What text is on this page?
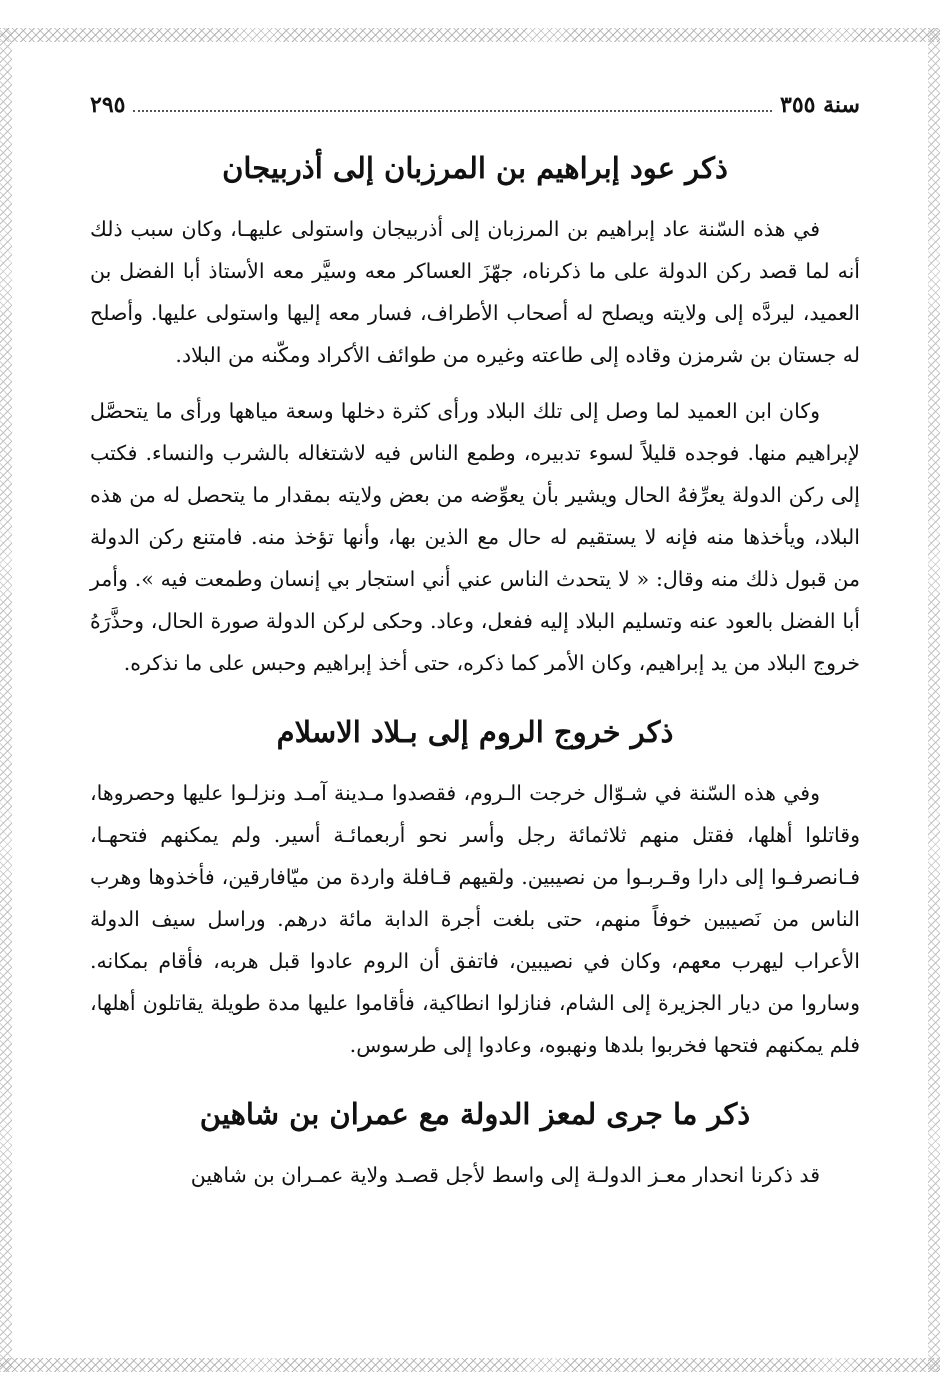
سنة ٣٥٥
٢٩٥
ذكر عود إبراهيم بن المرزبان إلى أذربيجان

في هذه السّنة عاد إبراهيم بن المرزبان إلى أذربيجان واستولى عليهـا، وكان سبب ذلك أنه لما قصد ركن الدولة على ما ذكرناه، جهّزَ العساكر معه وسيَّر معه الأستاذ أبا الفضل بن العميد، ليردَّه إلى ولايته ويصلح له أصحاب الأطراف، فسار معه إليها واستولى عليها. وأصلح له جستان بن شرمزن وقاده إلى طاعته وغيره من طوائف الأكراد ومكّنه من البلاد.

وكان ابن العميد لما وصل إلى تلك البلاد ورأى كثرة دخلها وسعة مياهها ورأى ما يتحصَّل لإبراهيم منها. فوجده قليلاً لسوء تدبيره، وطمع الناس فيه لاشتغاله بالشرب والنساء. فكتب إلى ركن الدولة يعرِّفهُ الحال ويشير بأن يعوِّضه من بعض ولايته بمقدار ما يتحصل له من هذه البلاد، ويأخذها منه فإنه لا يستقيم له حال مع الذين بها، وأنها تؤخذ منه. فامتنع ركن الدولة من قبول ذلك منه وقال: « لا يتحدث الناس عني أني استجار بي إنسان وطمعت فيه ». وأمر أبا الفضل بالعود عنه وتسليم البلاد إليه ففعل، وعاد. وحكى لركن الدولة صورة الحال، وحذَّرَهُ خروج البلاد من يد إبراهيم، وكان الأمر كما ذكره، حتى أخذ إبراهيم وحبس على ما نذكره.

ذكر خروج الروم إلى بـلاد الاسلام

وفي هذه السّنة في شـوّال خرجت الـروم، فقصدوا مـدينة آمـد ونزلـوا عليها وحصروها، وقاتلوا أهلها، فقتل منهم ثلاثمائة رجل وأسر نحو أربعمائـة أسير. ولم يمكنهم فتحهـا، فـانصرفـوا إلى دارا وقـربـوا من نصيبين. ولقيهم قـافلة واردة من ميّافارقين، فأخذوها وهرب الناس من نَصيبين خوفاً منهم، حتى بلغت أجرة الدابة مائة درهم. وراسل سيف الدولة الأعراب ليهرب معهم، وكان في نصيبين، فاتفق أن الروم عادوا قبل هربه، فأقام بمكانه. وساروا من ديار الجزيرة إلى الشام، فنازلوا انطاكية، فأقاموا عليها مدة طويلة يقاتلون أهلها، فلم يمكنهم فتحها فخربوا بلدها ونهبوه، وعادوا إلى طرسوس.

ذكر ما جرى لمعز الدولة مع عمران بن شاهين

قد ذكرنا انحدار معـز الدولـة إلى واسط لأجل قصـد ولاية عمـران بن شاهين
